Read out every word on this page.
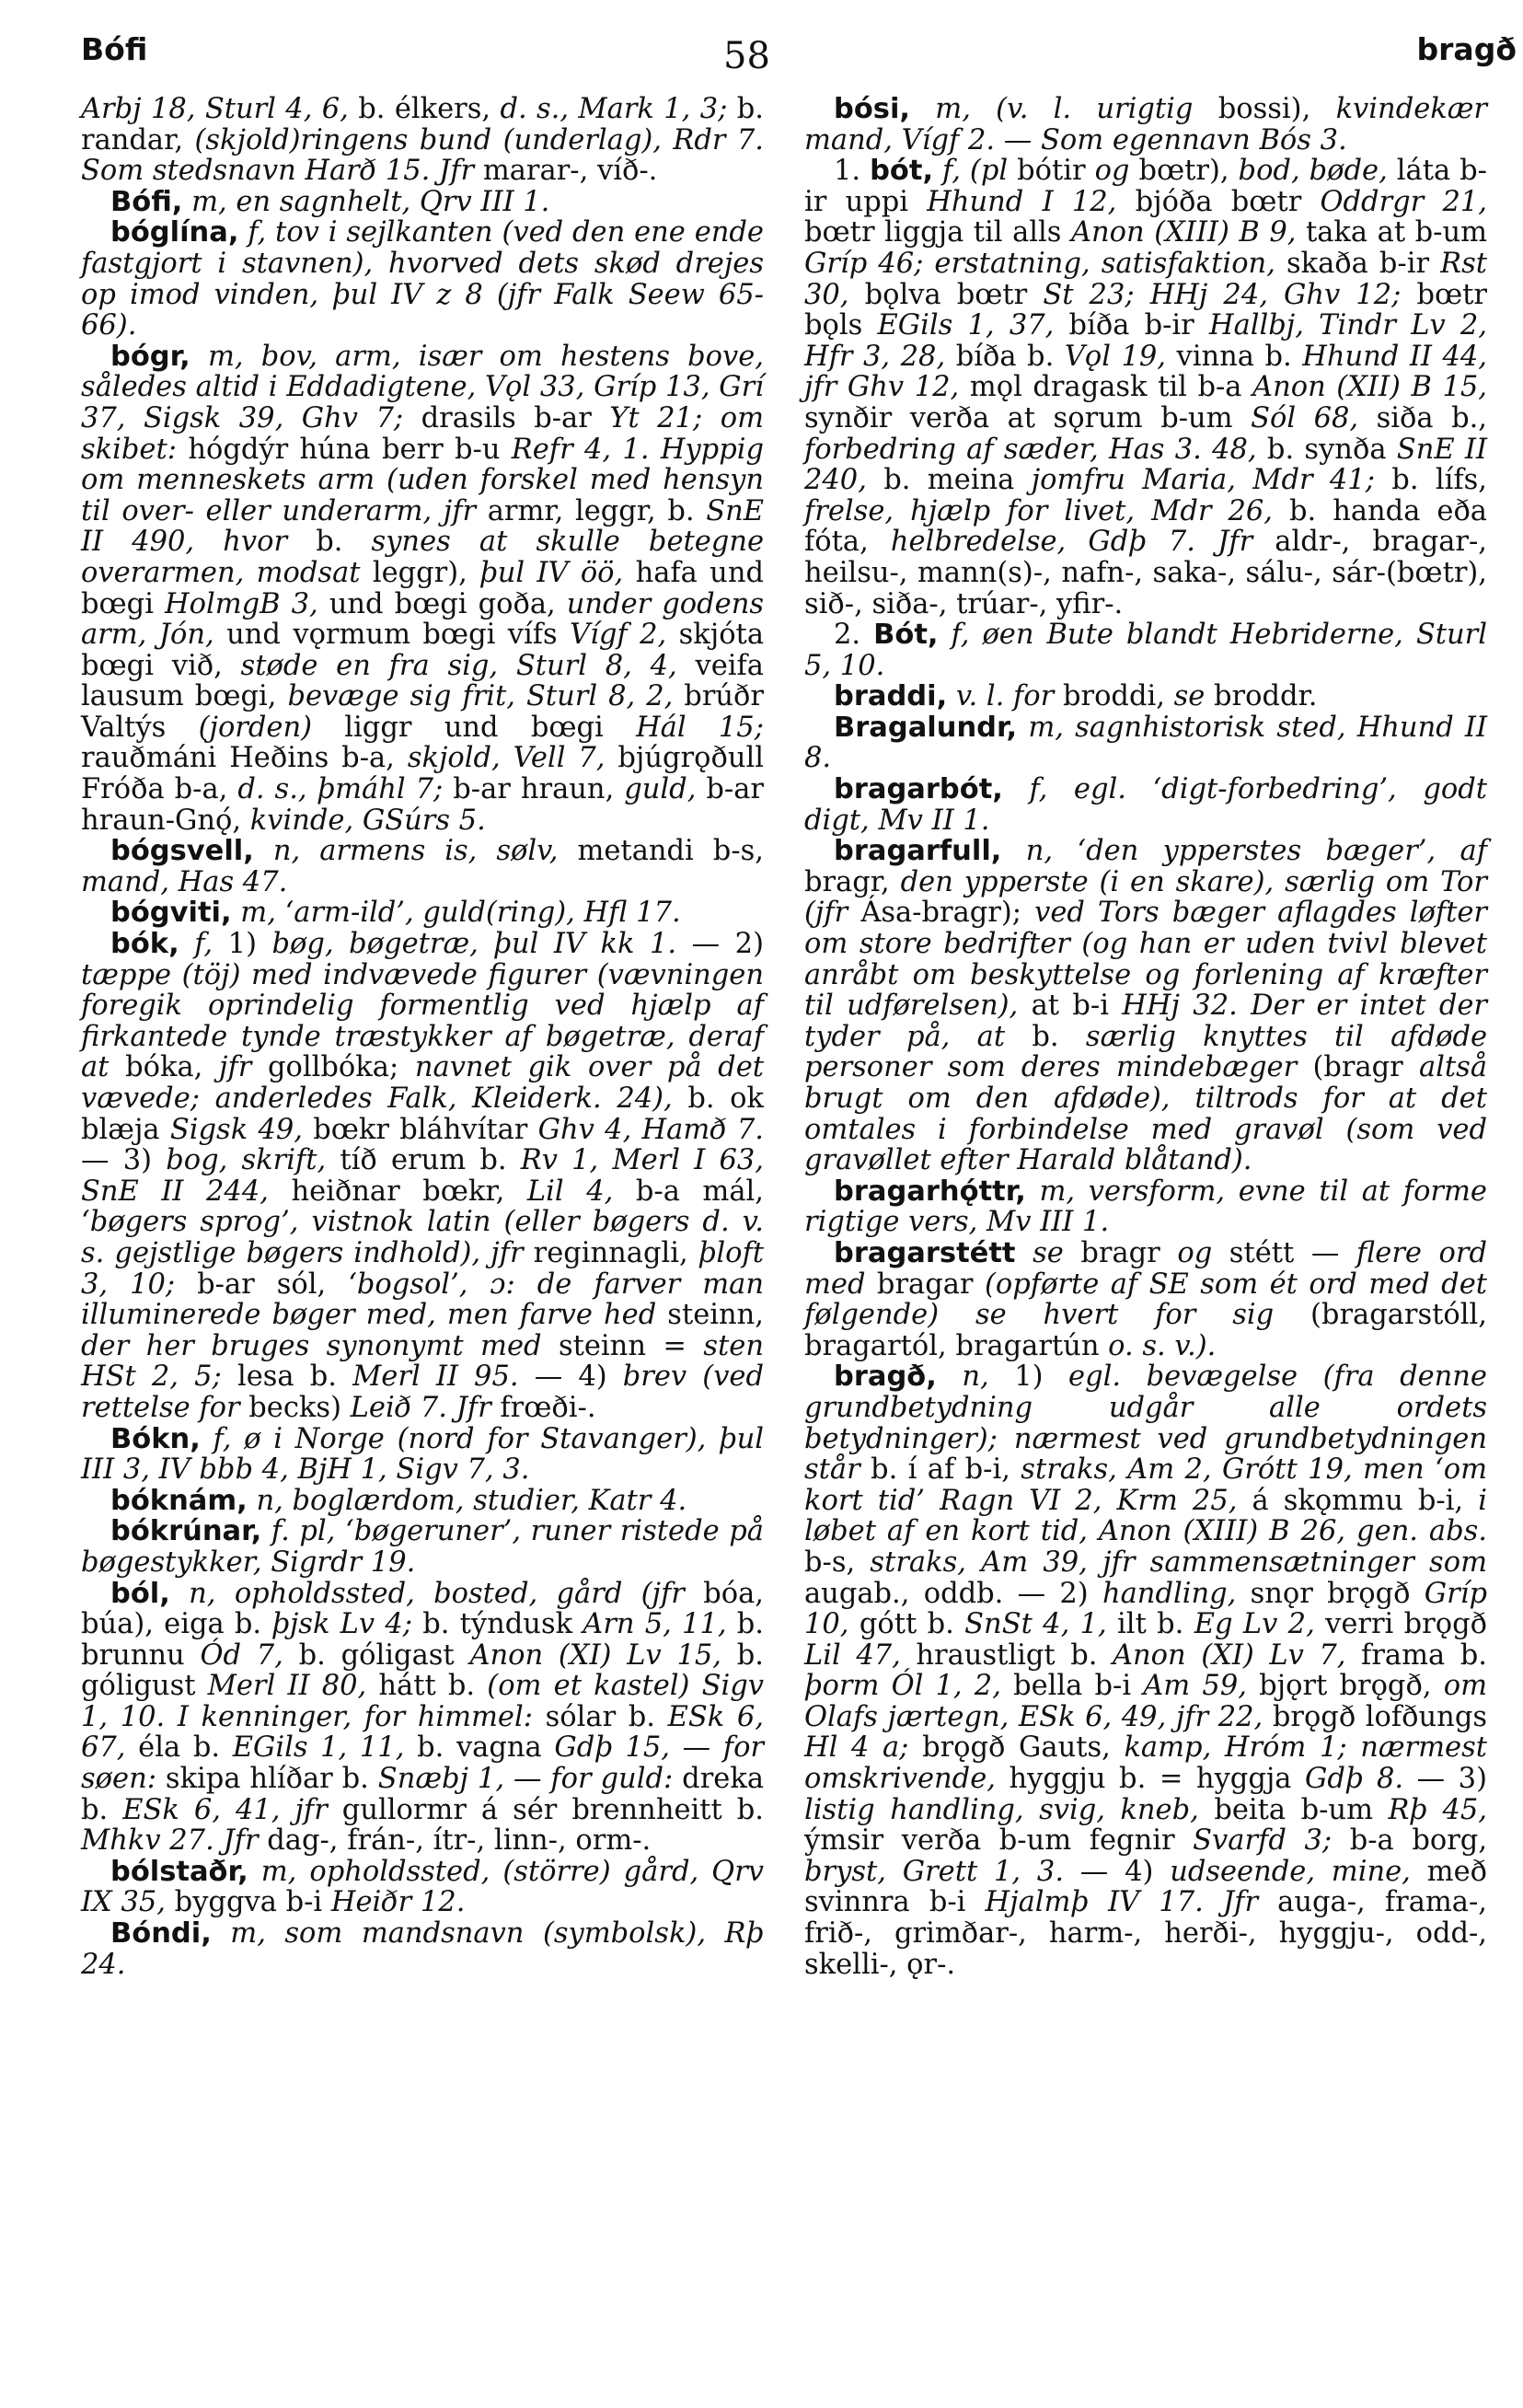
Bófi	58	bragð

Arbj 18, Sturl 4, 6, b. élkers, d. s., Mark 1, 3; b. randar, (skjold)ringens bund (underlag), Rdr 7. Som stedsnavn Harð 15. Jfr marar-, víð-.

Bófi, m, en sagnhelt, Qrv III 1.

bóglína, f, tov i sejlkanten (ved den ene ende fastgjort i stavnen), hvorved dets skød drejes op imod vinden, þul IV z 8 (jfr Falk Seew 65-66).

bógr, m, bov, arm, især om hestens bove, således altid i Eddadigtene, Vǫl 33, Gríp 13, Grí 37, Sigsk 39, Ghv 7; drasils b-ar Yt 21; om skibet: hógdýr húna berr b-u Refr 4, 1. Hyppig om menneskets arm (uden forskel med hensyn til over- eller underarm, jfr armr, leggr, b. SnE II 490, hvor b. synes at skulle betegne overarmen, modsat leggr), þul IV öö, hafa und bœgi HolmgB 3, und bœgi goða, under godens arm, Jón, und vǫrmum bœgi vífs Vígf 2, skjóta bœgi við, støde en fra sig, Sturl 8, 4, veifa lausum bœgi, bevæge sig frit, Sturl 8, 2, brúðr Valtýs (jorden) liggr und bœgi Hál 15; rauðmáni Heðins b-a, skjold, Vell 7, bjúgrǫðull Fróða b-a, d. s., þmáhl 7; b-ar hraun, guld, b-ar hraun-Gnǫ́, kvinde, GSúrs 5.

bógsvell, n, armens is, sølv, metandi b-s, mand, Has 47.

bógviti, m, ‘arm-ild’, guld(ring), Hfl 17.

bók, f, 1) bøg, bøgetræ, þul IV kk 1. — 2) tæppe (töj) med indvævede figurer (vævningen foregik oprindelig formentlig ved hjælp af firkantede tynde træstykker af bøgetræ, deraf at bóka, jfr gollbóka; navnet gik over på det vævede; anderledes Falk, Kleiderk. 24), b. ok blæja Sigsk 49, bœkr bláhvítar Ghv 4, Hamð 7. — 3) bog, skrift, tíð erum b. Rv 1, Merl I 63, SnE II 244, heiðnar bœkr, Lil 4, b-a mál, ‘bøgers sprog’, vistnok latin (eller bøgers d. v. s. gejstlige bøgers indhold), jfr reginnagli, þloft 3, 10; b-ar sól, ‘bogsol’, ɔ: de farver man illuminerede bøger med, men farve hed steinn, der her bruges synonymt med steinn = sten HSt 2, 5; lesa b. Merl II 95. — 4) brev (ved rettelse for becks) Leið 7. Jfr frœði-.

Bókn, f, ø i Norge (nord for Stavanger), þul III 3, IV bbb 4, BjH 1, Sigv 7, 3.

bóknám, n, boglærdom, studier, Katr 4.

bókrúnar, f. pl, ‘bøgeruner’, runer ristede på bøgestykker, Sigrdr 19.

ból, n, opholdssted, bosted, gård (jfr bóa, búa), eiga b. þjsk Lv 4; b. týndusk Arn 5, 11, b. brunnu Ód 7, b. góligast Anon (XI) Lv 15, b. góligust Merl II 80, hátt b. (om et kastel) Sigv 1, 10. I kenninger, for himmel: sólar b. ESk 6, 67, éla b. EGils 1, 11, b. vagna Gdþ 15, — for søen: skipa hlíðar b. Snæbj 1, — for guld: dreka b. ESk 6, 41, jfr gullormr á sér brennheitt b. Mhkv 27. Jfr dag-, frán-, ítr-, linn-, orm-.

bólstaðr, m, opholdssted, (större) gård, Qrv IX 35, byggva b-i Heiðr 12.

Bóndi, m, som mandsnavn (symbolsk), Rþ 24.

bósi, m, (v. l. urigtig bossi), kvindekær mand, Vígf 2. — Som egennavn Bós 3.

1. bót, f, (pl bótir og bœtr), bod, bøde, láta b-ir uppi Hhund I 12, bjóða bœtr Oddrgr 21, bœtr liggja til alls Anon (XIII) B 9, taka at b-um Gríp 46; erstatning, satisfaktion, skaða b-ir Rst 30, bǫlva bœtr St 23; HHj 24, Ghv 12; bœtr bǫls EGils 1, 37, bíða b-ir Hallbj, Tindr Lv 2, Hfr 3, 28, bíða b. Vǫl 19, vinna b. Hhund II 44, jfr Ghv 12, mǫl dragask til b-a Anon (XII) B 15, synðir verða at sǫrum b-um Sól 68, siða b., forbedring af sæder, Has 3. 48, b. synða SnE II 240, b. meina jomfru Maria, Mdr 41; b. lífs, frelse, hjælp for livet, Mdr 26, b. handa eða fóta, helbredelse, Gdþ 7. Jfr aldr-, bragar-, heilsu-, mann(s)-, nafn-, saka-, sálu-, sár-(bœtr), sið-, siða-, trúar-, yfir-.

2. Bót, f, øen Bute blandt Hebriderne, Sturl 5, 10.

braddi, v. l. for broddi, se broddr.

Bragalundr, m, sagnhistorisk sted, Hhund II 8.

bragarbót, f, egl. ‘digt-forbedring’, godt digt, Mv II 1.

bragarfull, n, ‘den ypperstes bæger’, af bragr, den ypperste (i en skare), særlig om Tor (jfr Ása-bragr); ved Tors bæger aflagdes løfter om store bedrifter (og han er uden tvivl blevet anråbt om beskyttelse og forlening af kræfter til udførelsen), at b-i HHj 32. Der er intet der tyder på, at b. særlig knyttes til afdøde personer som deres mindebæger (bragr altså brugt om den afdøde), tiltrods for at det omtales i forbindelse med gravøl (som ved gravøllet efter Harald blåtand).

bragarhǫ́ttr, m, versform, evne til at forme rigtige vers, Mv III 1.

bragarstétt se bragr og stétt — flere ord med bragar (opførte af SE som ét ord med det følgende) se hvert for sig (bragarstóll, bragartól, bragartún o. s. v.).

bragð, n, 1) egl. bevægelse (fra denne grundbetydning udgår alle ordets betydninger); nærmest ved grundbetydningen står b. í af b-i, straks, Am 2, Grótt 19, men ‘om kort tid’ Ragn VI 2, Krm 25, á skǫmmu b-i, i løbet af en kort tid, Anon (XIII) B 26, gen. abs. b-s, straks, Am 39, jfr sammensætninger som augab., oddb. — 2) handling, snǫr brǫgð Gríp 10, gótt b. SnSt 4, 1, ilt b. Eg Lv 2, verri brǫgð Lil 47, hraustligt b. Anon (XI) Lv 7, frama b. þorm Ól 1, 2, bella b-i Am 59, bjǫrt brǫgð, om Olafs jærtegn, ESk 6, 49, jfr 22, brǫgð lofðungs Hl 4 a; brǫgð Gauts, kamp, Hróm 1; nærmest omskrivende, hyggju b. = hyggja Gdþ 8. — 3) listig handling, svig, kneb, beita b-um Rþ 45, ýmsir verða b-um fegnir Svarfd 3; b-a borg, bryst, Grett 1, 3. — 4) udseende, mine, með svinnra b-i Hjalmþ IV 17. Jfr auga-, frama-, frið-, grimðar-, harm-, herði-, hyggju-, odd-, skelli-, ǫr-.
